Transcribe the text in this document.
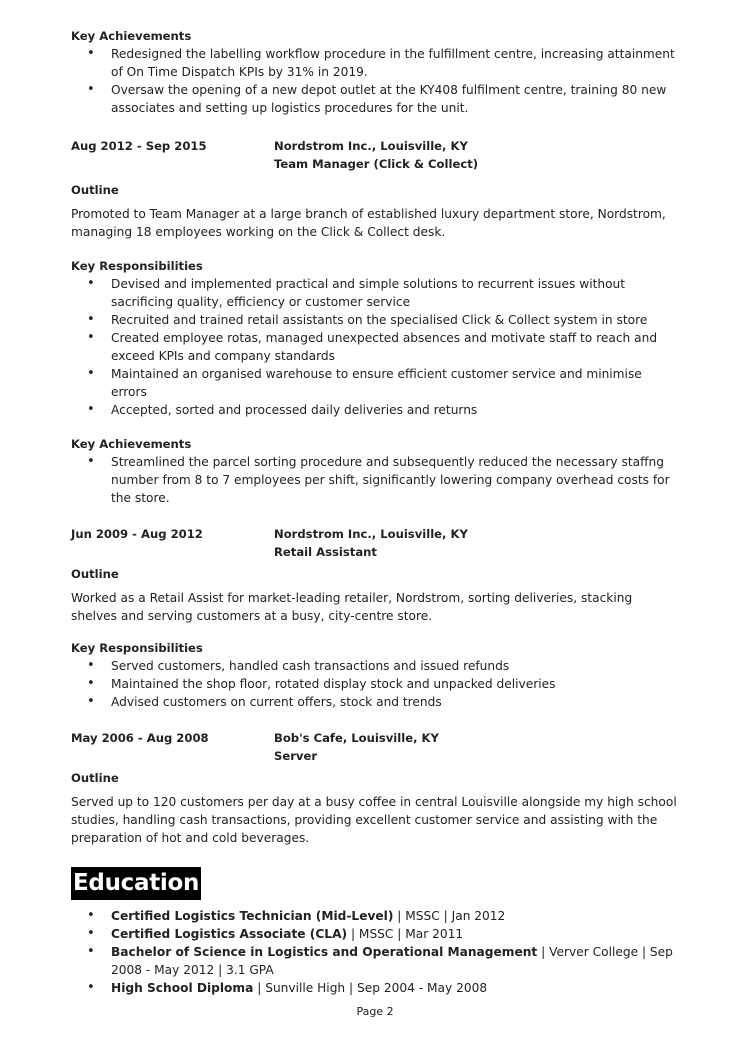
Key Achievements

• Redesigned the labelling workflow procedure in the fulfillment centre, increasing attainment of On Time Dispatch KPIs by 31% in 2019.
• Oversaw the opening of a new depot outlet at the KY408 fulfilment centre, training 80 new associates and setting up logistics procedures for the unit.
Aug 2012 - Sep 2015	Nordstrom Inc., Louisville, KY
Team Manager (Click & Collect)

Outline

Promoted to Team Manager at a large branch of established luxury department store, Nordstrom, managing 18 employees working on the Click & Collect desk.

Key Responsibilities

• Devised and implemented practical and simple solutions to recurrent issues without sacrificing quality, efficiency or customer service
• Recruited and trained retail assistants on the specialised Click & Collect system in store
• Created employee rotas, managed unexpected absences and motivate staff to reach and exceed KPIs and company standards
• Maintained an organised warehouse to ensure efficient customer service and minimise errors
• Accepted, sorted and processed daily deliveries and returns

Key Achievements

• Streamlined the parcel sorting procedure and subsequently reduced the necessary staffng number from 8 to 7 employees per shift, significantly lowering company overhead costs for the store.
Jun 2009 - Aug 2012	Nordstrom Inc., Louisville, KY
Retail Assistant

Outline

Worked as a Retail Assist for market-leading retailer, Nordstrom, sorting deliveries, stacking shelves and serving customers at a busy, city-centre store.

Key Responsibilities

• Served customers, handled cash transactions and issued refunds
• Maintained the shop floor, rotated display stock and unpacked deliveries
• Advised customers on current offers, stock and trends
May 2006 - Aug 2008	Bob's Cafe, Louisville, KY
Server

Outline

Served up to 120 customers per day at a busy coffee in central Louisville alongside my high school studies, handling cash transactions, providing excellent customer service and assisting with the preparation of hot and cold beverages.

Education
• Certified Logistics Technician (Mid-Level) | MSSC | Jan 2012
• Certified Logistics Associate (CLA) | MSSC | Mar 2011
• Bachelor of Science in Logistics and Operational Management | Verver College | Sep 2008 - May 2012 | 3.1 GPA
• High School Diploma | Sunville High | Sep 2004 - May 2008
Page 2
